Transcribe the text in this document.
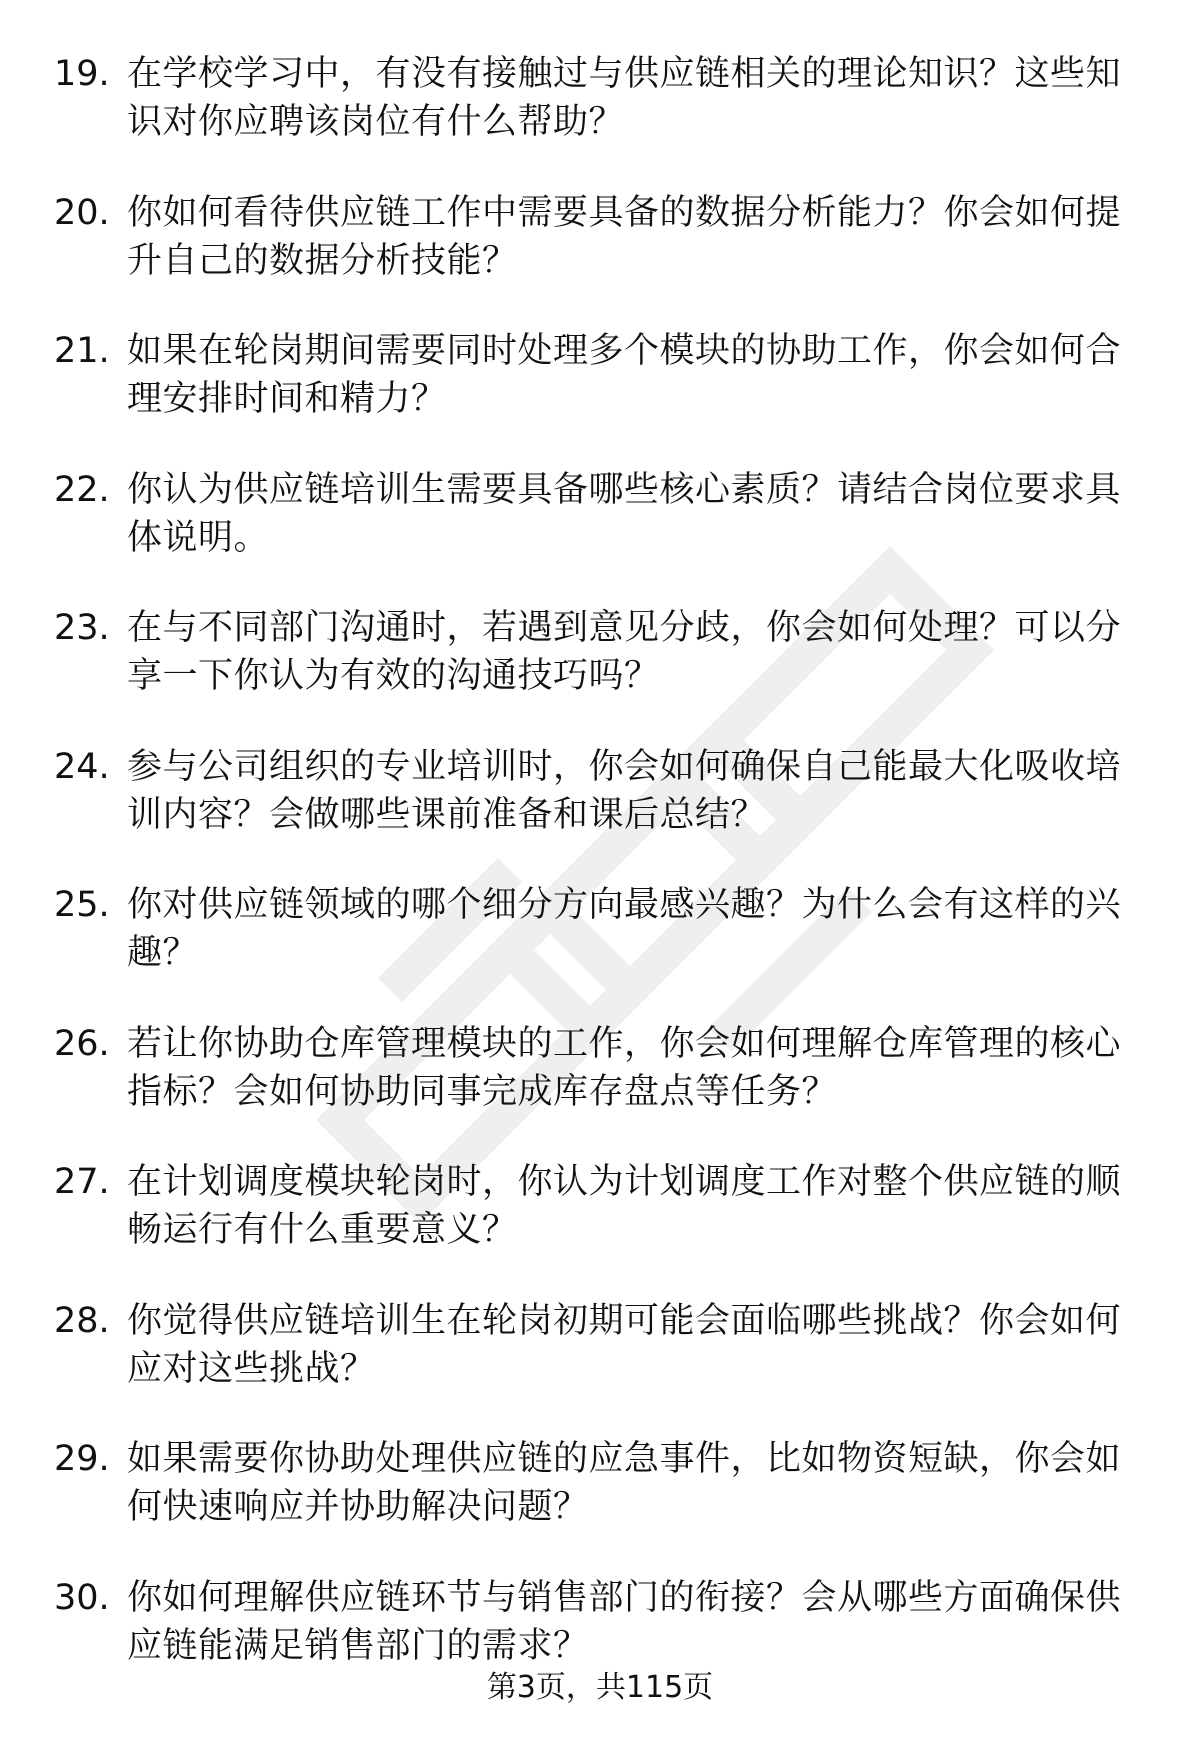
19. 在学校学习中，有没有接触过与供应链相关的理论知识？这些知识对你应聘该岗位有什么帮助？
20. 你如何看待供应链工作中需要具备的数据分析能力？你会如何提升自己的数据分析技能？
21. 如果在轮岗期间需要同时处理多个模块的协助工作，你会如何合理安排时间和精力？
22. 你认为供应链培训生需要具备哪些核心素质？请结合岗位要求具体说明。
23. 在与不同部门沟通时，若遇到意见分歧，你会如何处理？可以分享一下你认为有效的沟通技巧吗？
24. 参与公司组织的专业培训时，你会如何确保自己能最大化吸收培训内容？会做哪些课前准备和课后总结？
25. 你对供应链领域的哪个细分方向最感兴趣？为什么会有这样的兴趣？
26. 若让你协助仓库管理模块的工作，你会如何理解仓库管理的核心指标？会如何协助同事完成库存盘点等任务？
27. 在计划调度模块轮岗时，你认为计划调度工作对整个供应链的顺畅运行有什么重要意义？
28. 你觉得供应链培训生在轮岗初期可能会面临哪些挑战？你会如何应对这些挑战？
29. 如果需要你协助处理供应链的应急事件，比如物资短缺，你会如何快速响应并协助解决问题？
30. 你如何理解供应链环节与销售部门的衔接？会从哪些方面确保供应链能满足销售部门的需求？
第3页，共115页
